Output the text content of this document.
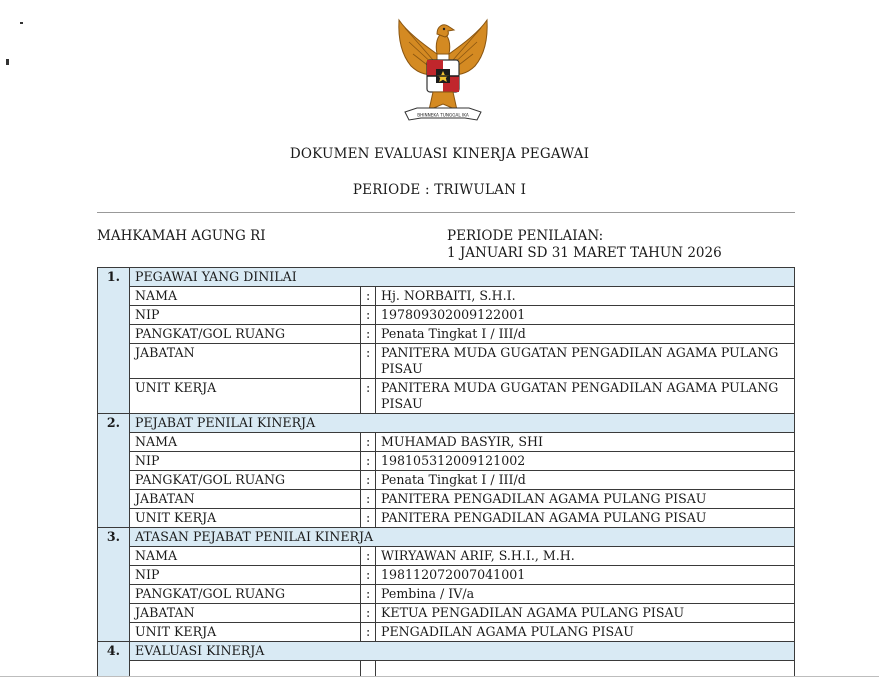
BHINNEKA TUNGGAL IKA
DOKUMEN EVALUASI KINERJA PEGAWAI
PERIODE : TRIWULAN I
MAHKAMAH AGUNG RI	PERIODE PENILAIAN:
1 JANUARI SD 31 MARET TAHUN 2026
1.	PEGAWAI YANG DINILAI		
	NAMA	:	Hj. NORBAITI, S.H.I.
	NIP	:	197809302009122001
	PANGKAT/GOL RUANG	:	Penata Tingkat I / III/d
	JABATAN	:	PANITERA MUDA GUGATAN PENGADILAN AGAMA PULANG PISAU
	UNIT KERJA	:	PANITERA MUDA GUGATAN PENGADILAN AGAMA PULANG PISAU
2.	PEJABAT PENILAI KINERJA		
	NAMA	:	MUHAMAD BASYIR, SHI
	NIP	:	198105312009121002
	PANGKAT/GOL RUANG	:	Penata Tingkat I / III/d
	JABATAN	:	PANITERA PENGADILAN AGAMA PULANG PISAU
	UNIT KERJA	:	PANITERA PENGADILAN AGAMA PULANG PISAU
3.	ATASAN PEJABAT PENILAI KINERJA		
	NAMA	:	WIRYAWAN ARIF, S.H.I., M.H.
	NIP	:	198112072007041001
	PANGKAT/GOL RUANG	:	Pembina / IV/a
	JABATAN	:	KETUA PENGADILAN AGAMA PULANG PISAU
	UNIT KERJA	:	PENGADILAN AGAMA PULANG PISAU
4.	EVALUASI KINERJA		
